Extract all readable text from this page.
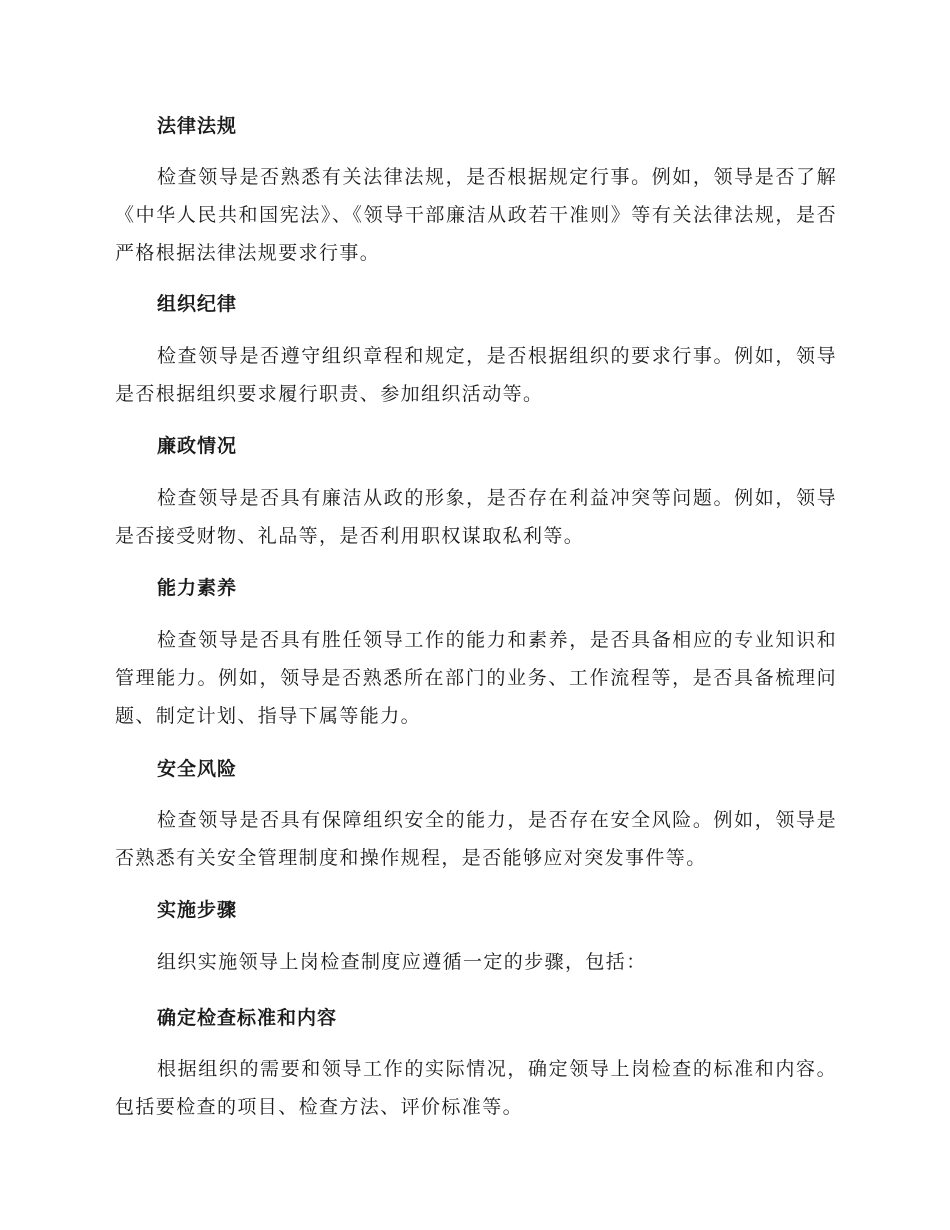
法律法规

检查领导是否熟悉有关法律法规，是否根据规定行事。例如，领导是否了解《中华人民共和国宪法》、《领导干部廉洁从政若干准则》等有关法律法规，是否严格根据法律法规要求行事。

组织纪律

检查领导是否遵守组织章程和规定，是否根据组织的要求行事。例如，领导是否根据组织要求履行职责、参加组织活动等。

廉政情况

检查领导是否具有廉洁从政的形象，是否存在利益冲突等问题。例如，领导是否接受财物、礼品等，是否利用职权谋取私利等。

能力素养

检查领导是否具有胜任领导工作的能力和素养，是否具备相应的专业知识和管理能力。例如，领导是否熟悉所在部门的业务、工作流程等，是否具备梳理问题、制定计划、指导下属等能力。

安全风险

检查领导是否具有保障组织安全的能力，是否存在安全风险。例如，领导是否熟悉有关安全管理制度和操作规程，是否能够应对突发事件等。

实施步骤

组织实施领导上岗检查制度应遵循一定的步骤，包括：

确定检查标准和内容

根据组织的需要和领导工作的实际情况，确定领导上岗检查的标准和内容。包括要检查的项目、检查方法、评价标准等。
